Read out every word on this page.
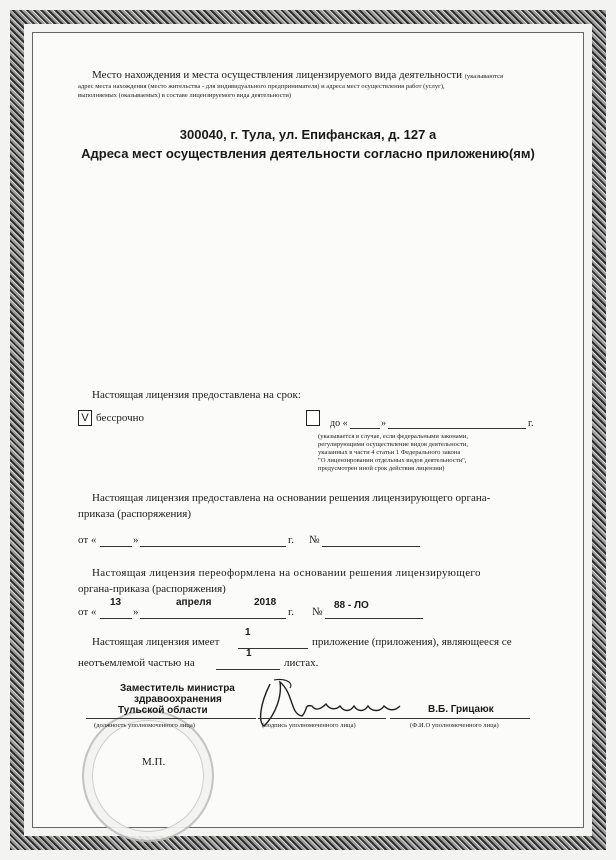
Место нахождения и места осуществления лицензируемого вида деятельности (указываются
адрес места нахождения (место жительства - для индивидуального предпринимателя) и адреса мест осуществления работ (услуг),
выполняемых (оказываемых) в составе лицензируемого вида деятельности)
300040, г. Тула, ул. Епифанская, д. 127 а
Адреса мест осуществления деятельности согласно приложению(ям)
Настоящая лицензия предоставлена на срок:
V бессрочно	до «	»	г.
(указывается в случае, если федеральными законами,
регулирующими осуществление видов деятельности,
указанных в части 4 статьи 1 Федерального закона
"О лицензировании отдельных видов деятельности",
предусмотрен иной срок действия лицензии)
Настоящая лицензия предоставлена на основании решения лицензирующего органа-
приказа (распоряжения)
от «	»	г. №
Настоящая лицензия переоформлена на основании решения лицензирующего
органа-приказа (распоряжения)
13	апреля	2018	88 - ЛО
от «	»	г. №
1
Настоящая лицензия имеет	приложение (приложения), являющееся се
1
неотъемлемой частью на	листах.
М.П.
Заместитель министра
здравоохранения
Тульской области	В.Б. Грицаюк
(должность уполномоченного лица)	(подпись уполномоченного лица)	(Ф.И.О уполномоченного лица)
